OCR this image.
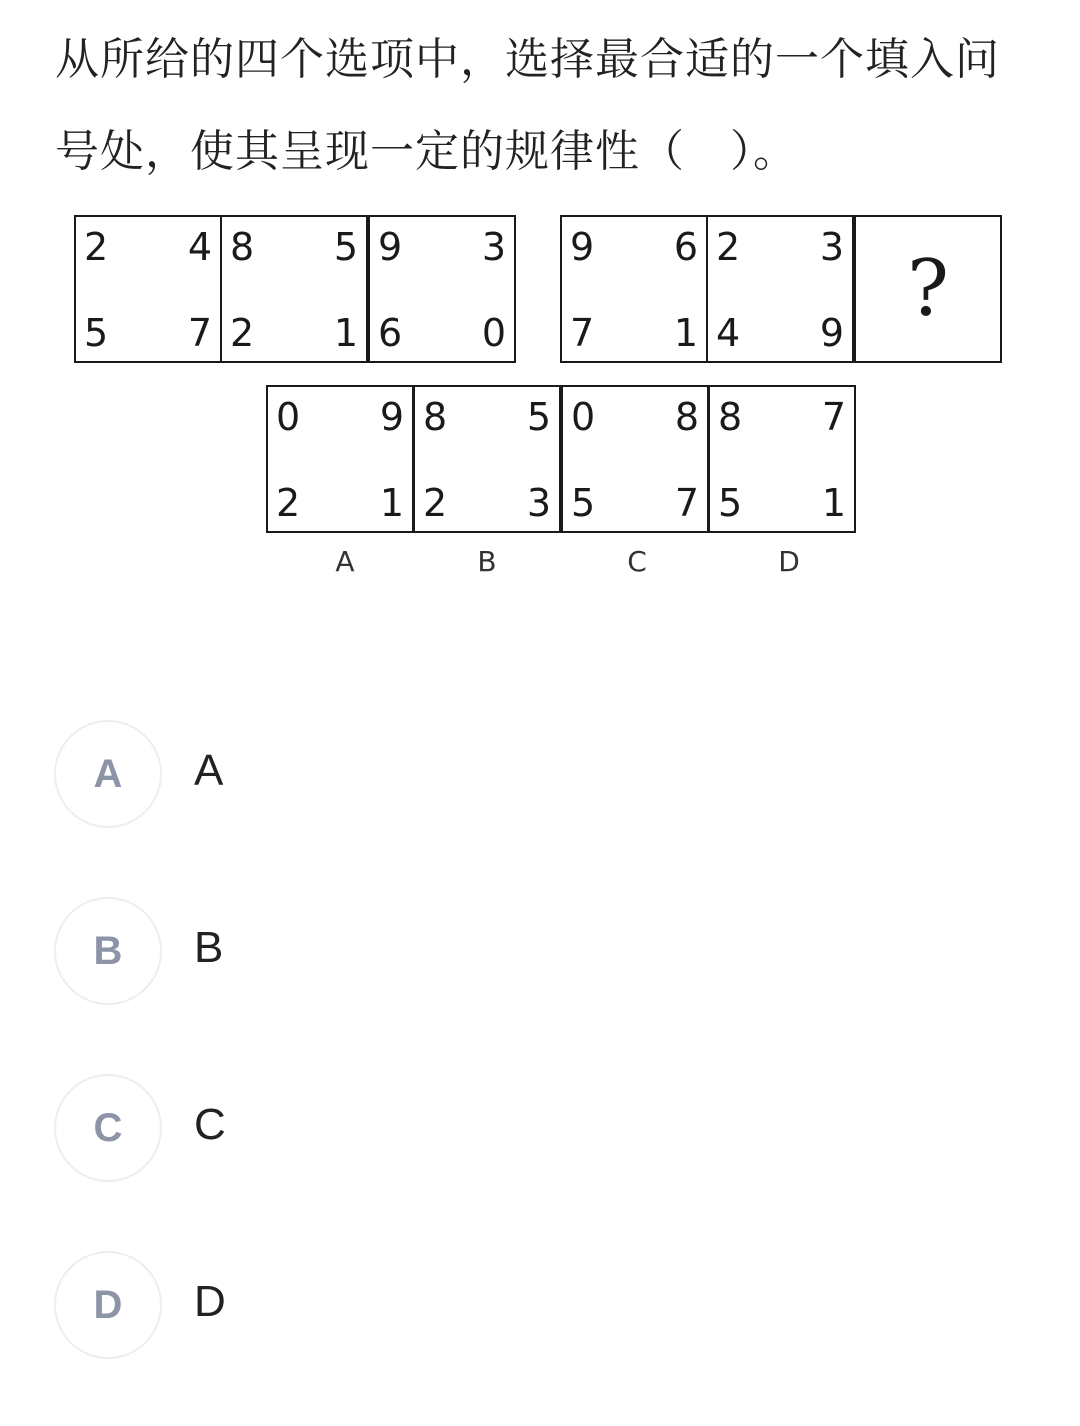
从所给的四个选项中，选择最合适的一个填入问号处，使其呈现一定的规律性（　）。
2 4
5 7
8 5
2 1
9 3
6 0
9 6
7 1
2 3
4 9 ?
0 9
2 1
8 5
2 3
0 8
5 7
8 7
5 1
A	B	C	D
A	A
B	B
C	C
D	D
